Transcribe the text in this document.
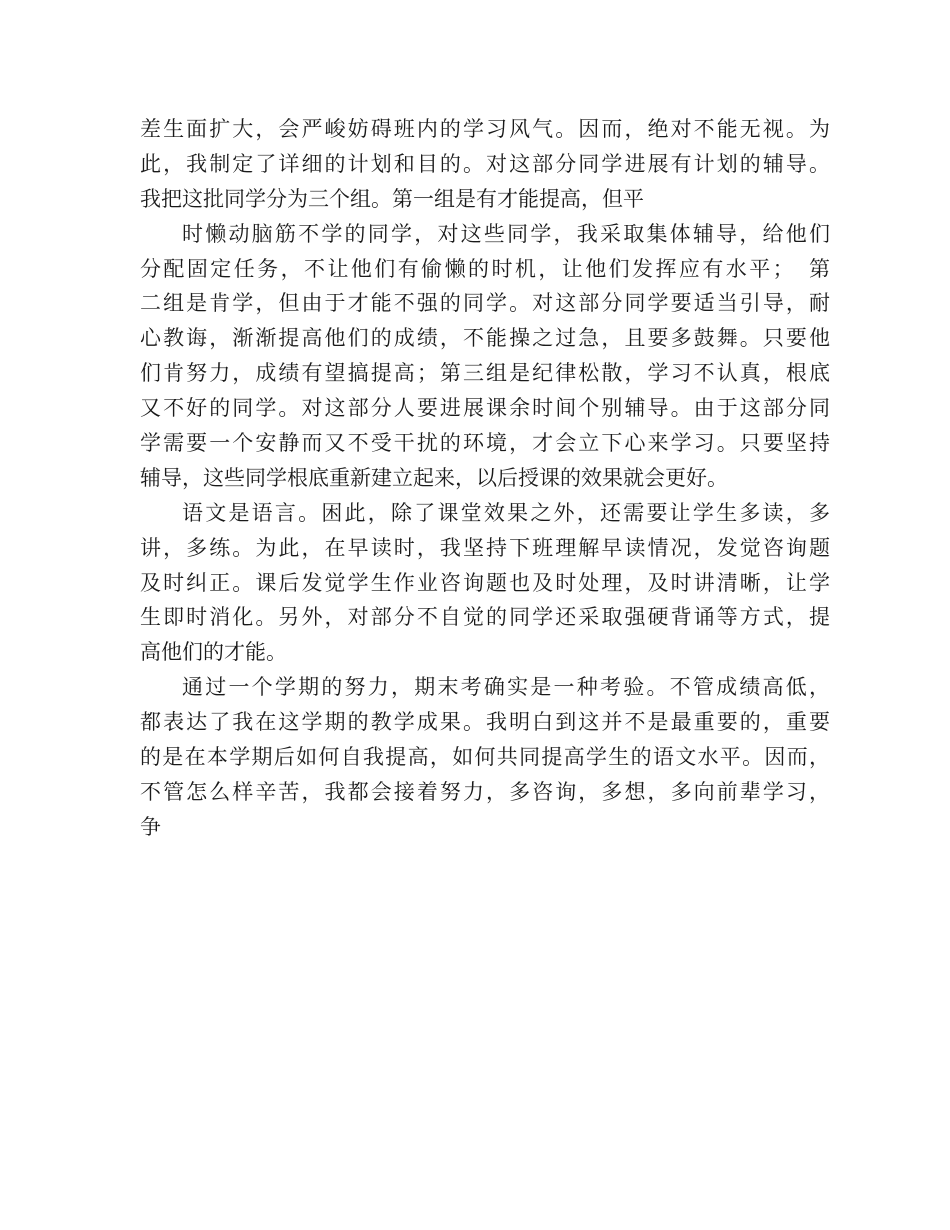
差生面扩大，会严峻妨碍班内的学习风气。因而，绝对不能无视。为
此，我制定了详细的计划和目的。对这部分同学进展有计划的辅导。
我把这批同学分为三个组。第一组是有才能提高，但平
时懒动脑筋不学的同学，对这些同学，我采取集体辅导，给他们
分配固定任务，不让他们有偷懒的时机，让他们发挥应有水平；　第
二组是肯学，但由于才能不强的同学。对这部分同学要适当引导，耐
心教诲，渐渐提高他们的成绩，不能操之过急，且要多鼓舞。只要他
们肯努力，成绩有望搞提高；第三组是纪律松散，学习不认真，根底
又不好的同学。对这部分人要进展课余时间个别辅导。由于这部分同
学需要一个安静而又不受干扰的环境，才会立下心来学习。只要坚持
辅导，这些同学根底重新建立起来，以后授课的效果就会更好。
语文是语言。困此，除了课堂效果之外，还需要让学生多读，多
讲，多练。为此，在早读时，我坚持下班理解早读情况，发觉咨询题
及时纠正。课后发觉学生作业咨询题也及时处理，及时讲清晰，让学
生即时消化。另外，对部分不自觉的同学还采取强硬背诵等方式，提
高他们的才能。
通过一个学期的努力，期末考确实是一种考验。不管成绩高低，
都表达了我在这学期的教学成果。我明白到这并不是最重要的，重要
的是在本学期后如何自我提高，如何共同提高学生的语文水平。因而，
不管怎么样辛苦，我都会接着努力，多咨询，多想，多向前辈学习，
争
